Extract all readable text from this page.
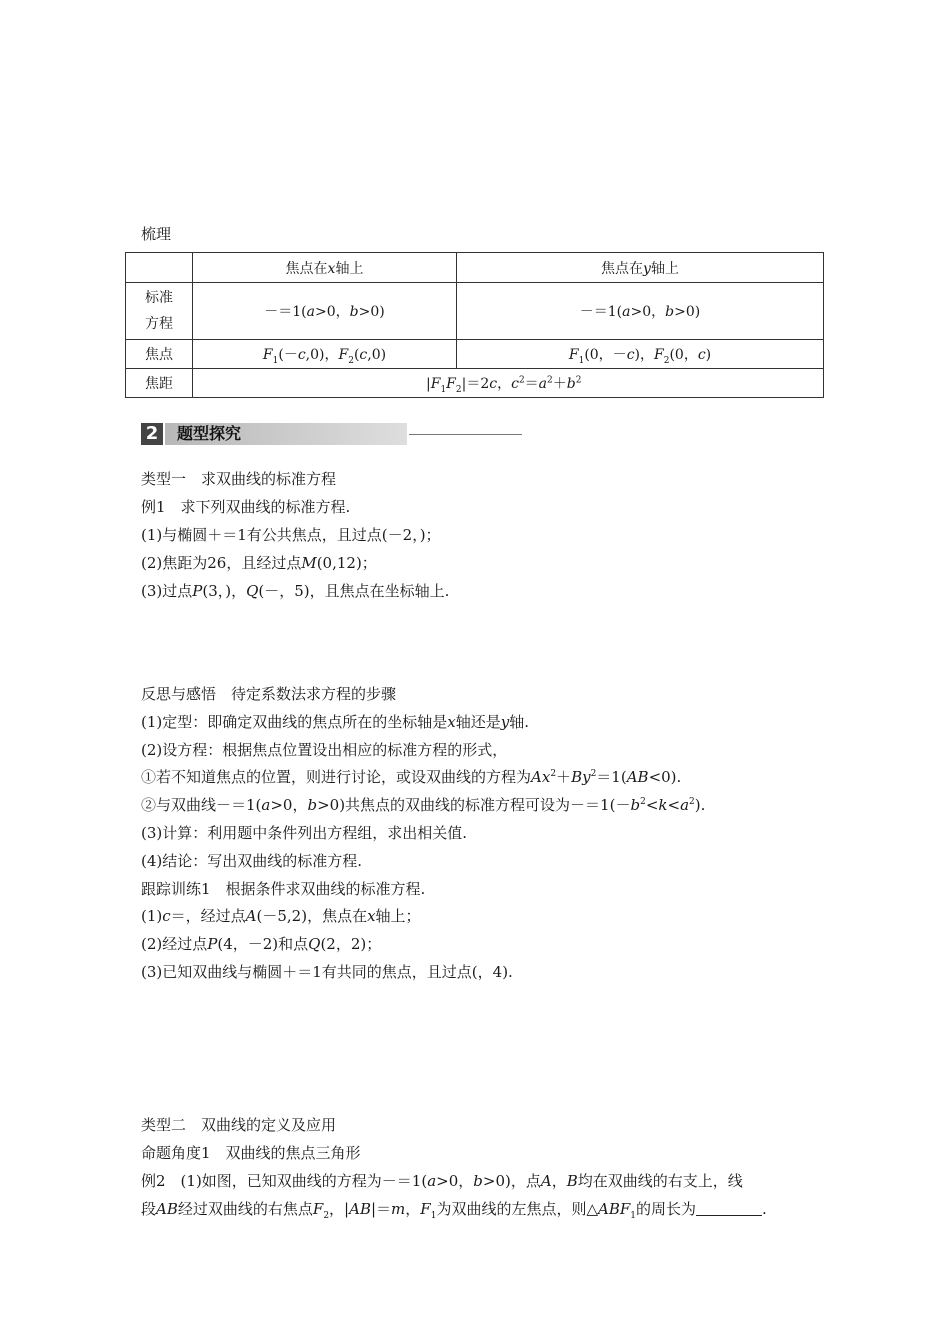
梳理
	焦点在x轴上	焦点在y轴上
标准
方程	－＝1(a>0，b>0)	－＝1(a>0，b>0)
焦点	$F_1(-c,0)$，$F_2(c,0)$	$F_1(0$，－c)，$F_2(0$，c)
焦距	$|F_1F_2|=2c$，$c^2=a^2+b^2$
2 题型探究
类型一　求双曲线的标准方程
例1　求下列双曲线的标准方程.
(1)与椭圆＋＝1有公共焦点，且过点(－2，)；
(2)焦距为26，且经过点M(0,12)；
(3)过点P(3，)，Q(－，5)，且焦点在坐标轴上.
反思与感悟　待定系数法求方程的步骤
(1)定型：即确定双曲线的焦点所在的坐标轴是x轴还是y轴.
(2)设方程：根据焦点位置设出相应的标准方程的形式，
①若不知道焦点的位置，则进行讨论，或设双曲线的方程为$Ax^2+By^2=1(AB<0)$.
②与双曲线－＝1(a>0，b>0)共焦点的双曲线的标准方程可设为$-=1(-b^2<k<a^2)$.
(3)计算：利用题中条件列出方程组，求出相关值.
(4)结论：写出双曲线的标准方程.
跟踪训练1　根据条件求双曲线的标准方程.
(1)c＝，经过点A(－5,2)，焦点在x轴上；
(2)经过点P(4，－2)和点Q(2，2)；
(3)已知双曲线与椭圆＋＝1有共同的焦点，且过点(，4).
类型二　双曲线的定义及应用
命题角度1　双曲线的焦点三角形
例2　(1)如图，已知双曲线的方程为－＝1(a>0，b>0)，点A，B均在双曲线的右支上，线
段AB经过双曲线的右焦点$F_2$，|AB|＝m，$F_1$为双曲线的左焦点，则$\triangle ABF_1$的周长为	.
